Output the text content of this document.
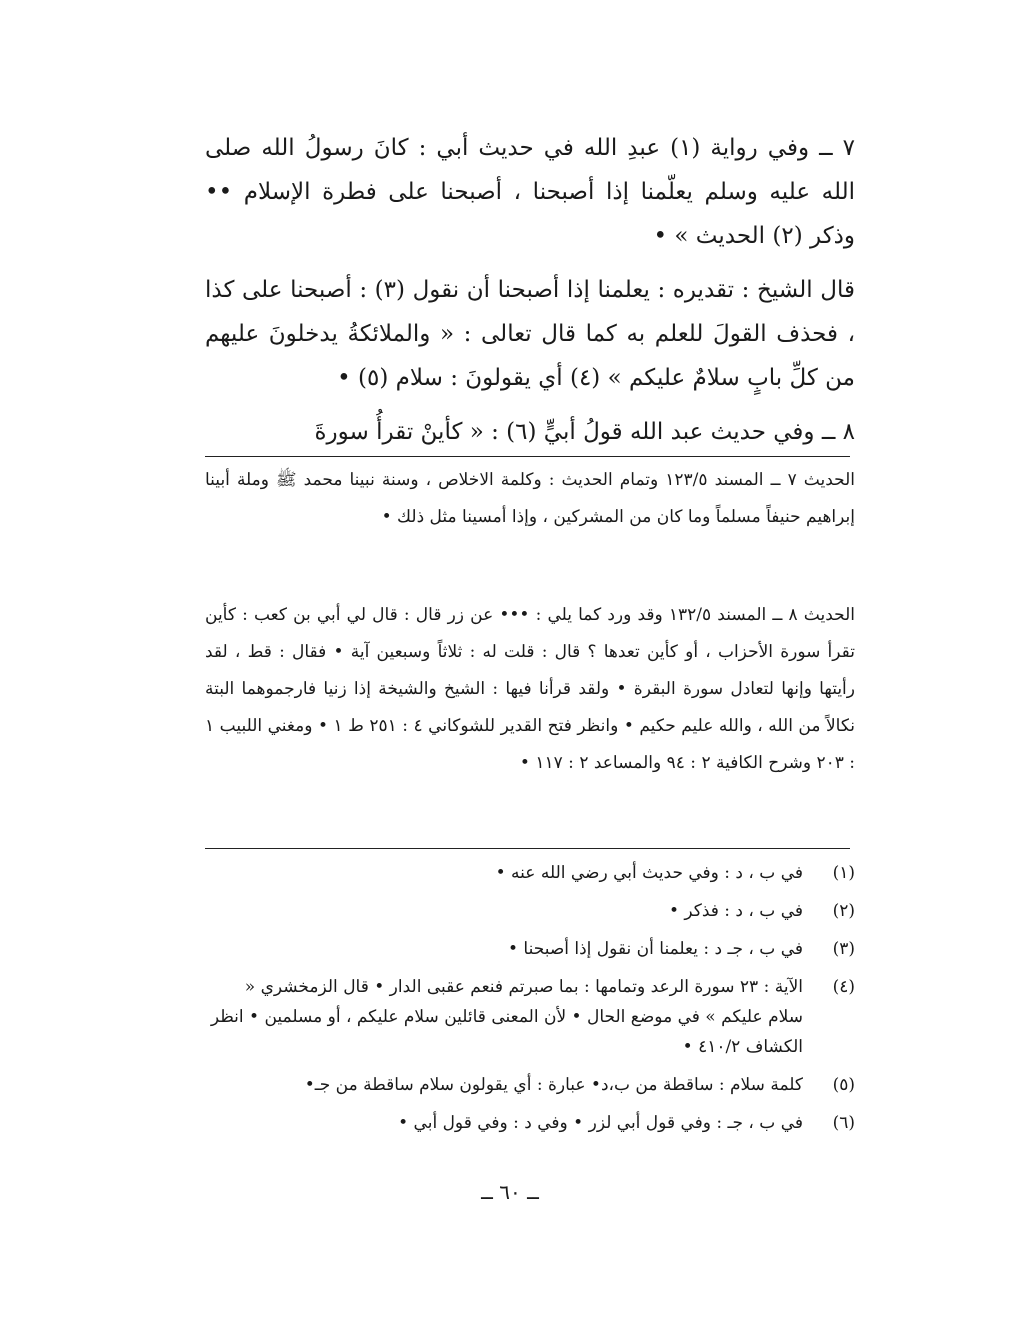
٧ ــ وفي رواية (١) عبدِ الله في حديث أبي : كانَ رسولُ الله صلى الله عليه وسلم يعلّمنا إذا أصبحنا ، أصبحنا على فطرة الإسلام •• وذكر (٢) الحديث » •

قال الشيخ : تقديره : يعلمنا إذا أصبحنا أن نقول (٣) : أصبحنا على كذا ، فحذف القولَ للعلم به كما قال تعالى : « والملائكةُ يدخلونَ عليهم من كلِّ بابٍ سلامٌ عليكم » (٤) أي يقولونَ : سلام (٥) •

٨ ــ وفي حديث عبد الله قولُ أبيٍّ (٦) : « كأينْ تقرأُ سورةَ

الحديث ٧ ــ المسند ١٢٣/٥ وتمام الحديث : وكلمة الاخلاص ، وسنة نبينا محمد ﷺ وملة أبينا إبراهيم حنيفاً مسلماً وما كان من المشركين ، وإذا أمسينا مثل ذلك •

الحديث ٨ ــ المسند ١٣٢/٥ وقد ورد كما يلي : ••• عن زر قال : قال لي أبي بن كعب : كأين تقرأ سورة الأحزاب ، أو كأين تعدها ؟ قال : قلت له : ثلاثاً وسبعين آية • فقال : قط ، لقد رأيتها وإنها لتعادل سورة البقرة • ولقد قرأنا فيها : الشيخ والشيخة إذا زنيا فارجموهما البتة نكالاً من الله ، والله عليم حكيم • وانظر فتح القدير للشوكاني ٤ : ٢٥١ ط ١ • ومغني اللبيب ١ : ٢٠٣ وشرح الكافية ٢ : ٩٤ والمساعد ٢ : ١١٧ •

(١)
في ب ، د : وفي حديث أبي رضي الله عنه •
(٢)
في ب ، د : فذكر •
(٣)
في ب ، جـ د : يعلمنا أن نقول إذا أصبحنا •
(٤)
الآية : ٢٣ سورة الرعد وتمامها : بما صبرتم فنعم عقبى الدار • قال الزمخشري « سلام عليكم » في موضع الحال • لأن المعنى قائلين سلام عليكم ، أو مسلمين • انظر الكشاف ٤١٠/٢ •
(٥)
كلمة سلام : ساقطة من ب،د• عبارة : أي يقولون سلام ساقطة من جـ•
(٦)
في ب ، جـ : وفي قول أبي لزر • وفي د : وفي قول أبي •
ــ ٦٠ ــ
